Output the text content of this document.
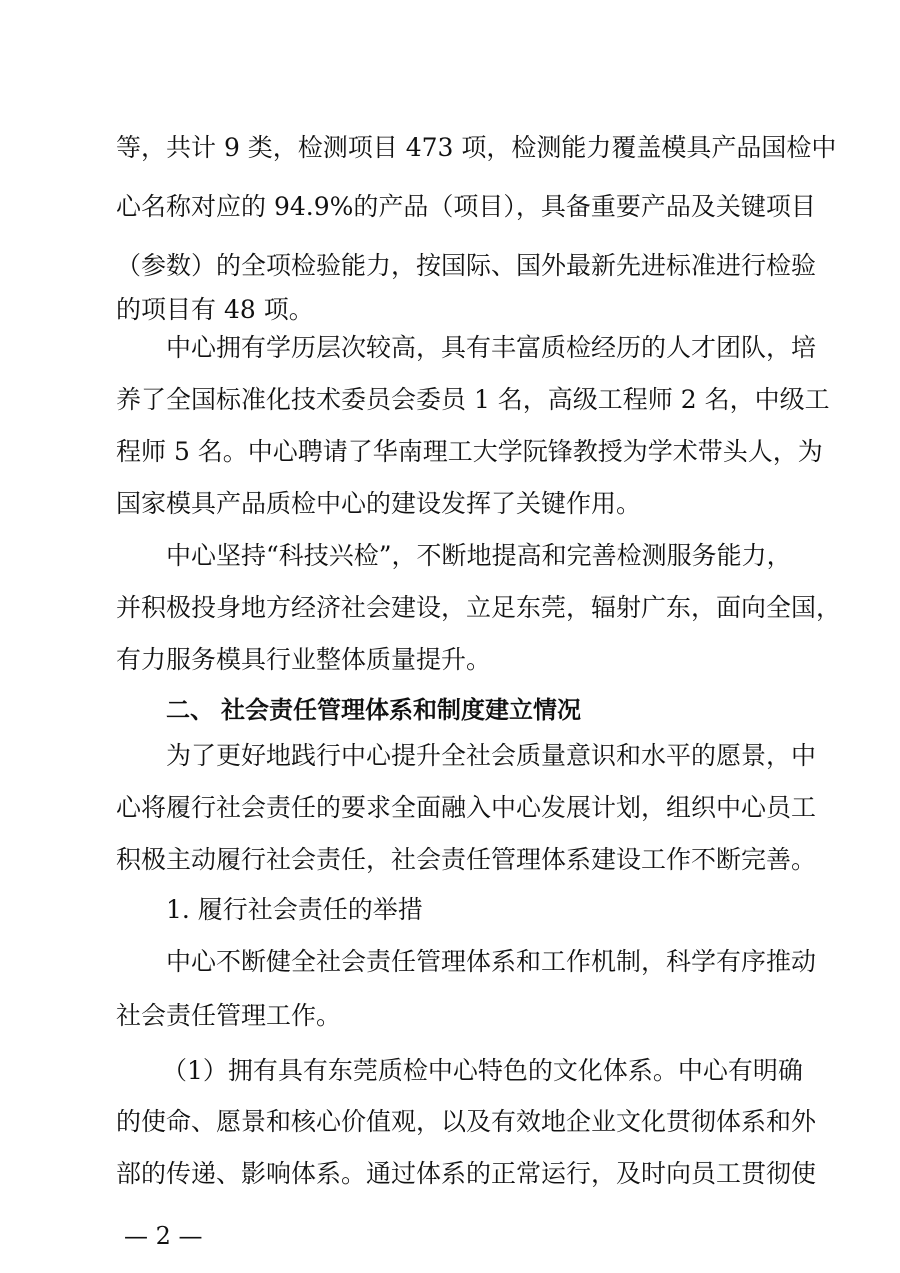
等，共计 9 类，检测项目 473 项，检测能力覆盖模具产品国检中
心名称对应的 94.9%的产品（项目），具备重要产品及关键项目
（参数）的全项检验能力，按国际、国外最新先进标准进行检验
的项目有 48 项。
中心拥有学历层次较高，具有丰富质检经历的人才团队，培
养了全国标准化技术委员会委员 1 名，高级工程师 2 名，中级工
程师 5 名。中心聘请了华南理工大学阮锋教授为学术带头人，为
国家模具产品质检中心的建设发挥了关键作用。
中心坚持“科技兴检”，不断地提高和完善检测服务能力，
并积极投身地方经济社会建设，立足东莞，辐射广东，面向全国，
有力服务模具行业整体质量提升。
二、 社会责任管理体系和制度建立情况
为了更好地践行中心提升全社会质量意识和水平的愿景，中
心将履行社会责任的要求全面融入中心发展计划，组织中心员工
积极主动履行社会责任，社会责任管理体系建设工作不断完善。
1. 履行社会责任的举措
中心不断健全社会责任管理体系和工作机制，科学有序推动
社会责任管理工作。
（1）拥有具有东莞质检中心特色的文化体系。中心有明确
的使命、愿景和核心价值观，以及有效地企业文化贯彻体系和外
部的传递、影响体系。通过体系的正常运行，及时向员工贯彻使
— 2 —
